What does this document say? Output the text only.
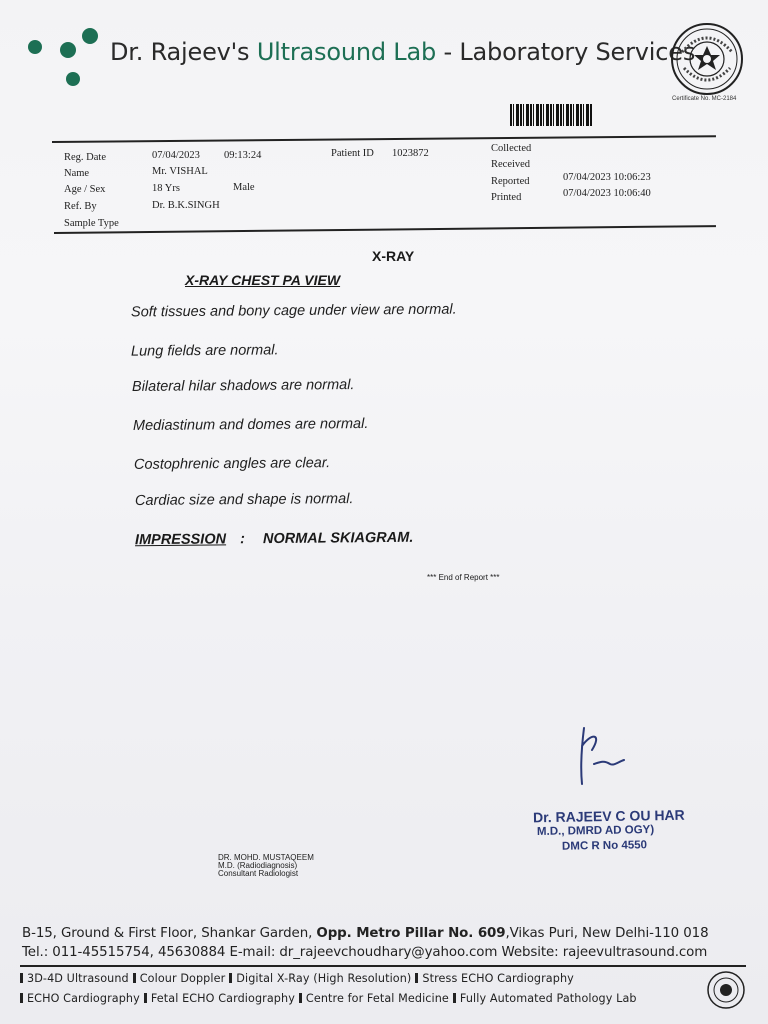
Dr. Rajeev's Ultrasound Lab - Laboratory Services
Certificate No. MC-2184
Reg. Date	07/04/2023 09:13:24	Patient ID 1023872
Name	Mr. VISHAL
Age / Sex	18 Yrs	Male
Ref. By	Dr. B.K.SINGH
Sample Type
Collected
Received
Reported	07/04/2023 10:06:23
Printed	07/04/2023 10:06:40
X-RAY
X-RAY CHEST PA VIEW
Soft tissues and bony cage under view are normal.
Lung fields are normal.
Bilateral hilar shadows are normal.
Mediastinum and domes are normal.
Costophrenic angles are clear.
Cardiac size and shape is normal.
IMPRESSION : NORMAL SKIAGRAM.
*** End of Report ***
Dr. RAJEEV C OU HAR
M.D., DMRD AD OGY)
DMC R No 4550
DR. MOHD. MUSTAQEEM
M.D. (Radiodiagnosis)
Consultant Radiologist
B-15, Ground & First Floor, Shankar Garden, Opp. Metro Pillar No. 609,Vikas Puri, New Delhi-110 018
Tel.: 011-45515754, 45630884 E-mail: dr_rajeevchoudhary@yahoo.com Website: rajeevultrasound.com
3D-4D Ultrasound Colour Doppler Digital X-Ray (High Resolution) Stress ECHO Cardiography
ECHO Cardiography Fetal ECHO Cardiography Centre for Fetal Medicine Fully Automated Pathology Lab
